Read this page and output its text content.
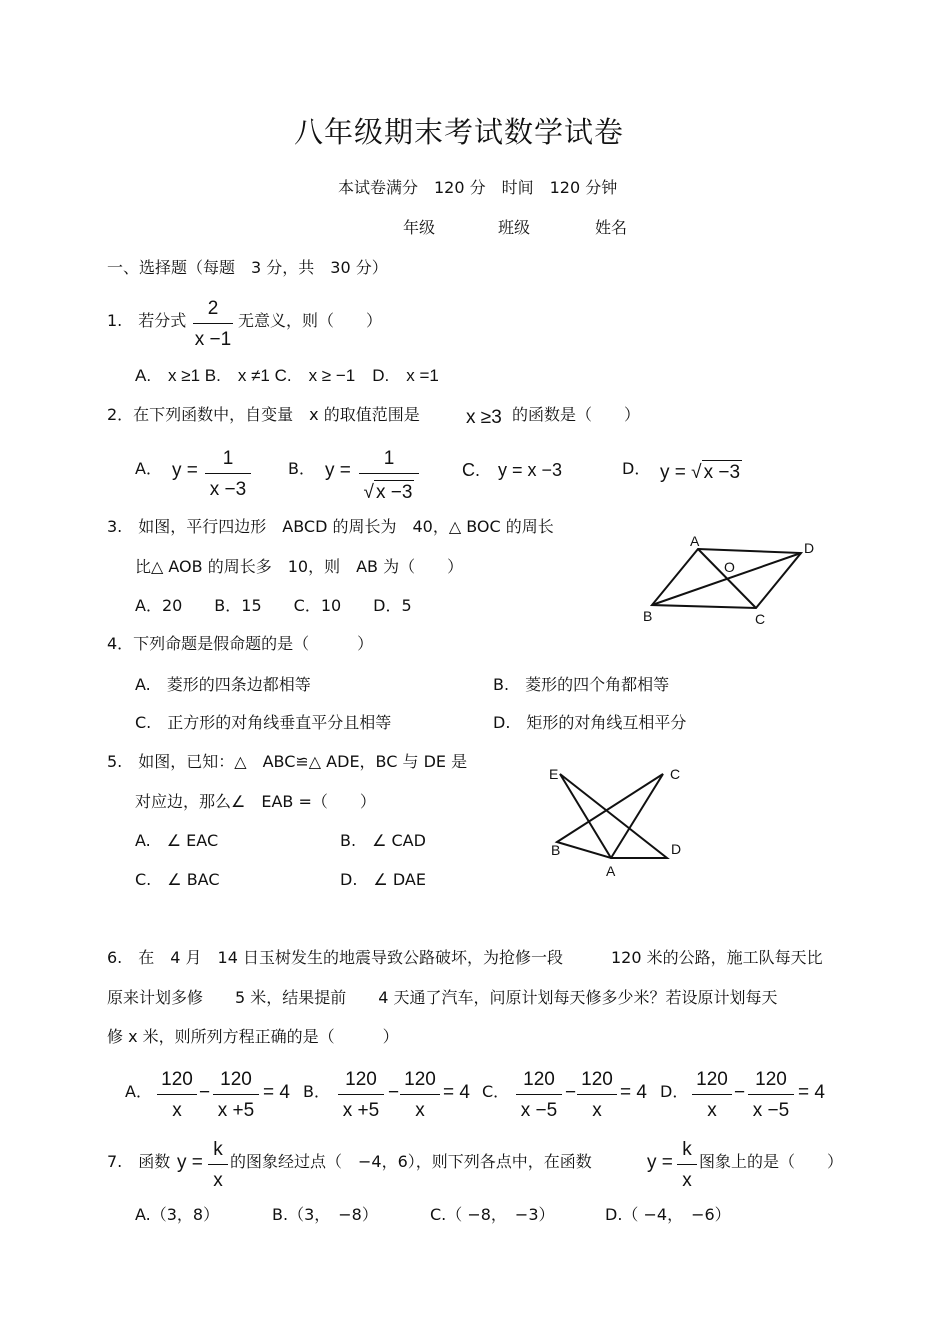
八年级期末考试数学试卷
本试卷满分　120 分　时间　120 分钟
年级	班级	姓名
一、选择题（每题　3 分，共　30 分）
1.　若分式
2
x −1
无意义，则（　　）
A.　x ≥1 B.　x ≠1 C.　x ≥ −1　D.　x =1
2．在下列函数中，自变量　x 的取值范围是 x ≥3 的函数是（　　）
A． y =
1
x −3
B． y =
1
√ x −3
C.　y = x −3	D． y = √ x −3
3.　如图，平行四边形　ABCD 的周长为　40，△ BOC 的周长
比△ AOB 的周长多　10，则　AB 为（　　）
A．20　　B．15　　C．10　　D．5
A	D
O
B	C
4．下列命题是假命题的是（　　　）
A.　菱形的四条边都相等	B.　菱形的四个角都相等
C.　正方形的对角线垂直平分且相等	D.　矩形的对角线互相平分
5.　如图，已知：△　ABC≌△ ADE，BC 与 DE 是
对应边，那么∠　EAB =（　　）
A.　∠ EAC	B.　∠ CAD
C.　∠ BAC	D.　∠ DAE
E	C
B	D
A
6.　在　4 月　14 日玉树发生的地震导致公路破坏，为抢修一段　　　120 米的公路，施工队每天比
原来计划多修　　5 米，结果提前　　4 天通了汽车，问原计划每天修多少米？若设原计划每天
修 x 米，则所列方程正确的是（　　　）
A．
120
x
−
120
x +5
= 4 B．
120
x +5
−
120
x
= 4 C．
120
x −5
−
120
x
= 4 D．
120
x
−
120
x −5
= 4
7.　函数 y =
k
x
的图象经过点（　−4，6），则下列各点中，在函数	y =
k
x
图象上的是（　　）
A.（3，8）	B.（3，　−8）	C.（ −8，　−3）	D.（ −4，　−6）
